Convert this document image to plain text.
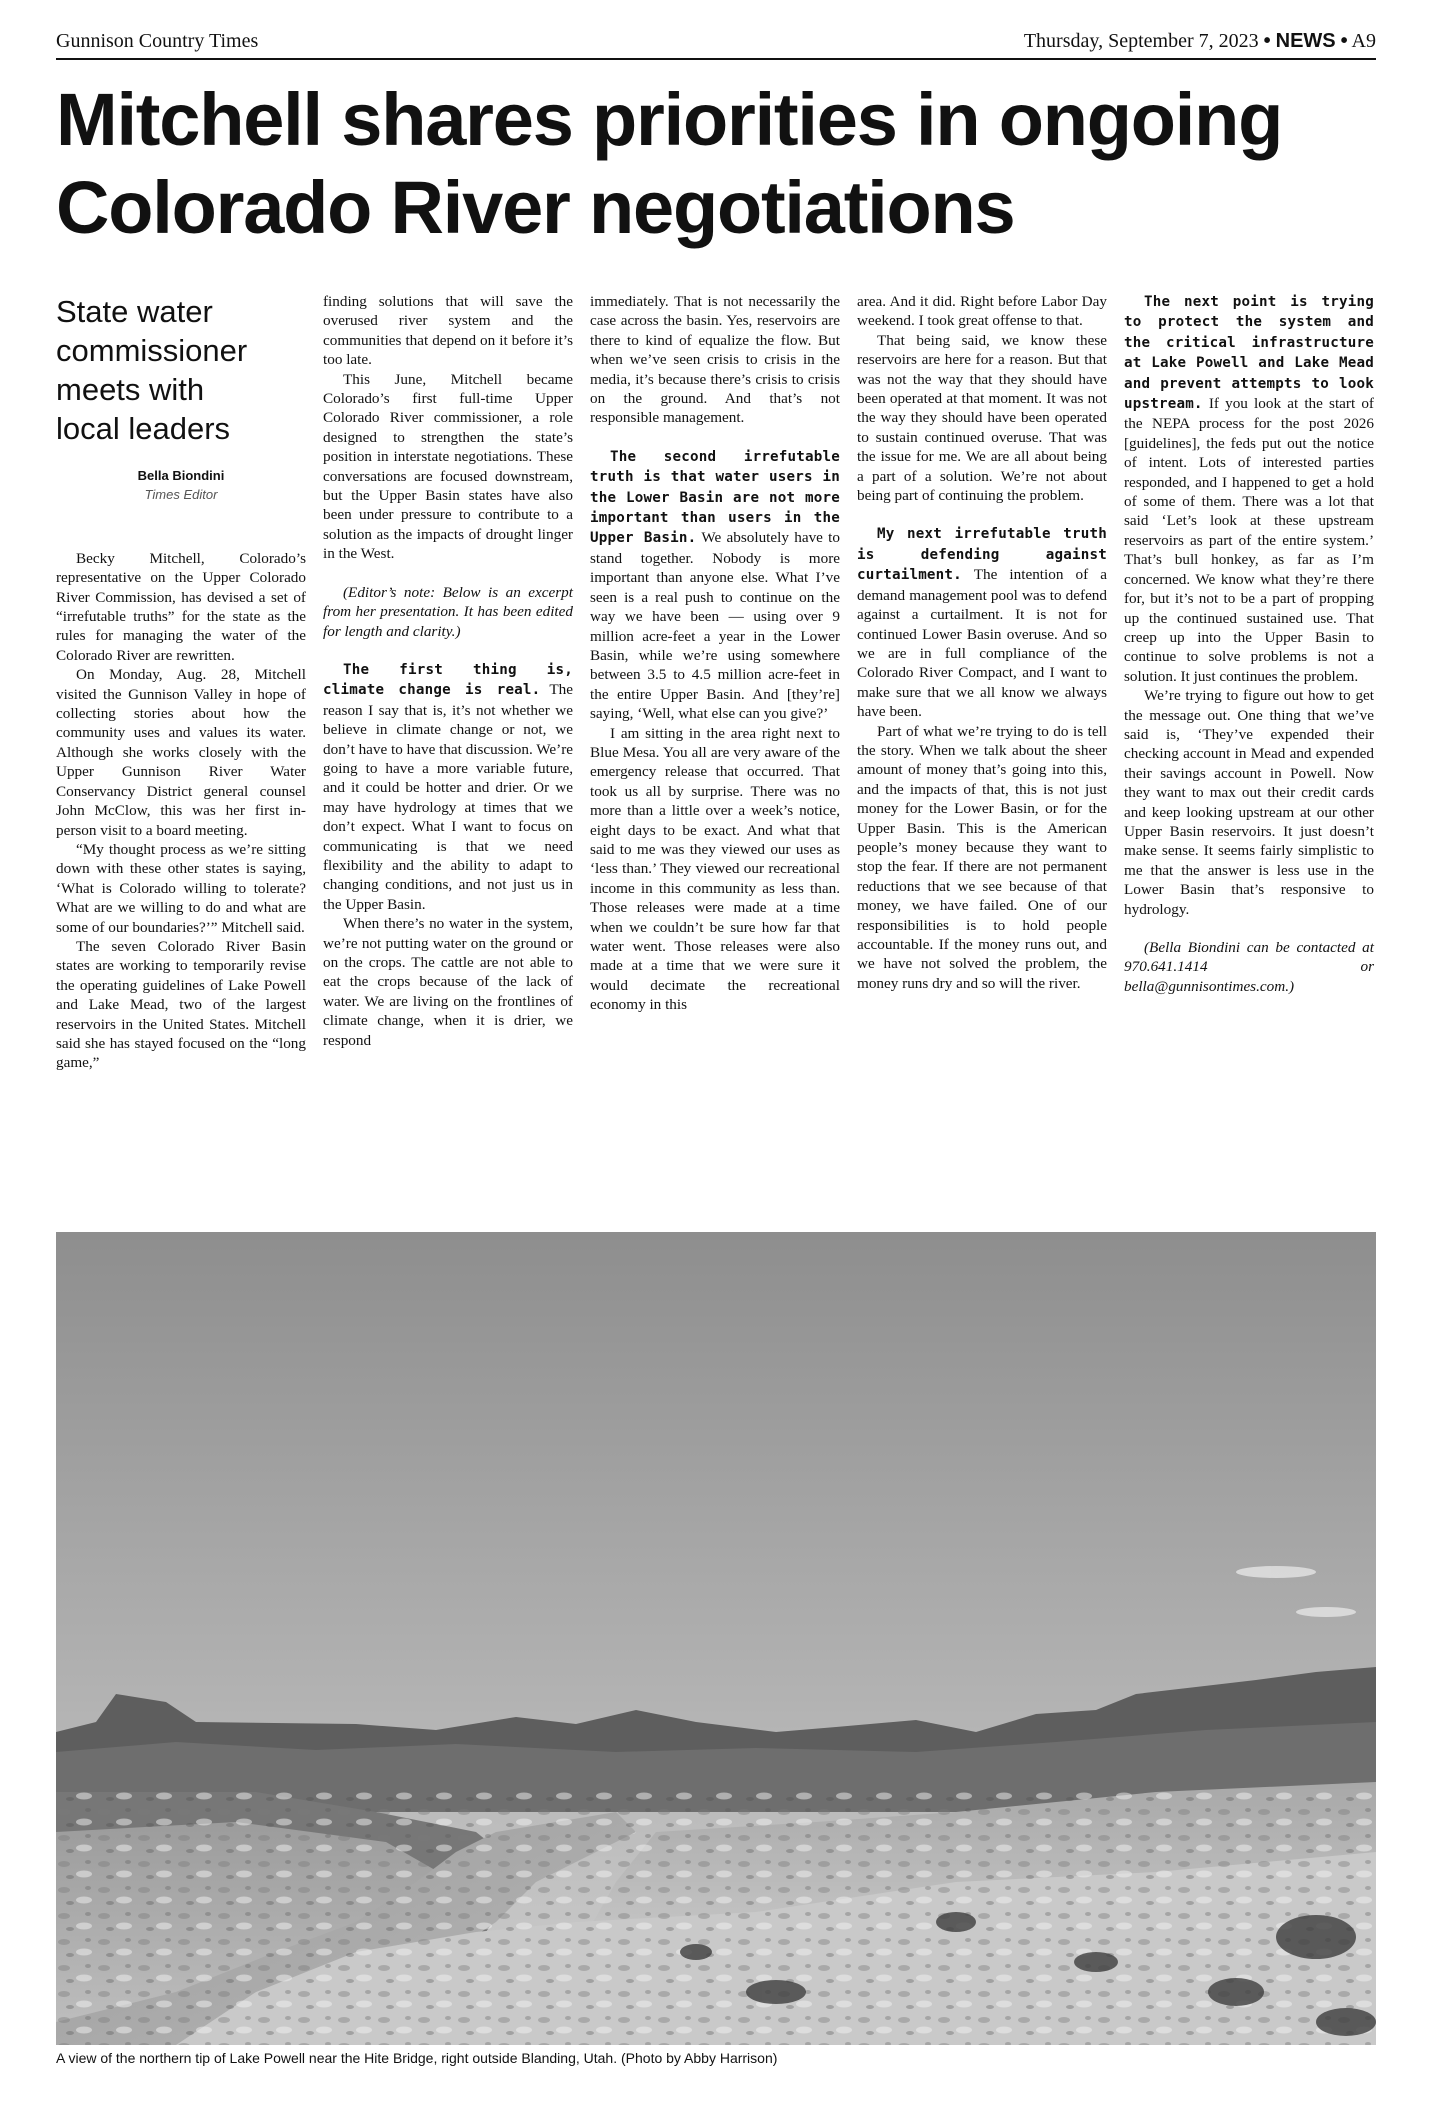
Gunnison Country Times	Thursday, September 7, 2023 • NEWS • A9
Mitchell shares priorities in ongoing
Colorado River negotiations

State water
commissioner
meets with
local leaders

Bella Biondini
Times Editor

Becky Mitchell, Colorado’s representative on the Upper Colorado River Commission, has devised a set of “irrefutable truths” for the state as the rules for managing the water of the Colorado River are rewritten.

On Monday, Aug. 28, Mitchell visited the Gunnison Valley in hope of collecting stories about how the community uses and values its water. Although she works closely with the Upper Gunnison River Water Conservancy District general counsel John McClow, this was her first in-person visit to a board meeting.

“My thought process as we’re sitting down with these other states is saying, ‘What is Colorado willing to tolerate? What are we willing to do and what are some of our boundaries?’” Mitchell said.

The seven Colorado River Basin states are working to temporarily revise the operating guidelines of Lake Powell and Lake Mead, two of the largest reservoirs in the United States. Mitchell said she has stayed focused on the “long game,”

finding solutions that will save the overused river system and the communities that depend on it before it’s too late.

This June, Mitchell became Colorado’s first full-time Upper Colorado River commissioner, a role designed to strengthen the state’s position in interstate negotiations. These conversations are focused downstream, but the Upper Basin states have also been under pressure to contribute to a solution as the impacts of drought linger in the West.

(Editor’s note: Below is an excerpt from her presentation. It has been edited for length and clarity.)

The first thing is, climate change is real. The reason I say that is, it’s not whether we believe in climate change or not, we don’t have to have that discussion. We’re going to have a more variable future, and it could be hotter and drier. Or we may have hydrology at times that we don’t expect. What I want to focus on communicating is that we need flexibility and the ability to adapt to changing conditions, and not just us in the Upper Basin.

When there’s no water in the system, we’re not putting water on the ground or on the crops. The cattle are not able to eat the crops because of the lack of water. We are living on the frontlines of climate change, when it is drier, we respond

immediately. That is not necessarily the case across the basin. Yes, reservoirs are there to kind of equalize the flow. But when we’ve seen crisis to crisis in the media, it’s because there’s crisis to crisis on the ground. And that’s not responsible management.

The second irrefutable truth is that water users in the Lower Basin are not more important than users in the Upper Basin. We absolutely have to stand together. Nobody is more important than anyone else. What I’ve seen is a real push to continue on the way we have been — using over 9 million acre-feet a year in the Lower Basin, while we’re using somewhere between 3.5 to 4.5 million acre-feet in the entire Upper Basin. And [they’re] saying, ‘Well, what else can you give?’

I am sitting in the area right next to Blue Mesa. You all are very aware of the emergency release that occurred. That took us all by surprise. There was no more than a little over a week’s notice, eight days to be exact. And what that said to me was they viewed our uses as ‘less than.’ They viewed our recreational income in this community as less than. Those releases were made at a time when we couldn’t be sure how far that water went. Those releases were also made at a time that we were sure it would decimate the recreational economy in this

area. And it did. Right before Labor Day weekend. I took great offense to that.

That being said, we know these reservoirs are here for a reason. But that was not the way that they should have been operated at that moment. It was not the way they should have been operated to sustain continued overuse. That was the issue for me. We are all about being a part of a solution. We’re not about being part of continuing the problem.

My next irrefutable truth is defending against curtailment. The intention of a demand management pool was to defend against a curtailment. It is not for continued Lower Basin overuse. And so we are in full compliance of the Colorado River Compact, and I want to make sure that we all know we always have been.

Part of what we’re trying to do is tell the story. When we talk about the sheer amount of money that’s going into this, and the impacts of that, this is not just money for the Lower Basin, or for the Upper Basin. This is the American people’s money because they want to stop the fear. If there are not permanent reductions that we see because of that money, we have failed. One of our responsibilities is to hold people accountable. If the money runs out, and we have not solved the problem, the money runs dry and so will the river.

The next point is trying to protect the system and the critical infrastructure at Lake Powell and Lake Mead and prevent attempts to look upstream. If you look at the start of the NEPA process for the post 2026 [guidelines], the feds put out the notice of intent. Lots of interested parties responded, and I happened to get a hold of some of them. There was a lot that said ‘Let’s look at these upstream reservoirs as part of the entire system.’ That’s bull honkey, as far as I’m concerned. We know what they’re there for, but it’s not to be a part of propping up the continued sustained use. That creep up into the Upper Basin to continue to solve problems is not a solution. It just continues the problem.

We’re trying to figure out how to get the message out. One thing that we’ve said is, ‘They’ve expended their checking account in Mead and expended their savings account in Powell. Now they want to max out their credit cards and keep looking upstream at our other Upper Basin reservoirs. It just doesn’t make sense. It seems fairly simplistic to me that the answer is less use in the Lower Basin that’s responsive to hydrology.

(Bella Biondini can be contacted at 970.641.1414 or bella@gunnisontimes.com.)

A view of the northern tip of Lake Powell near the Hite Bridge, right outside Blanding, Utah. (Photo by Abby Harrison)
